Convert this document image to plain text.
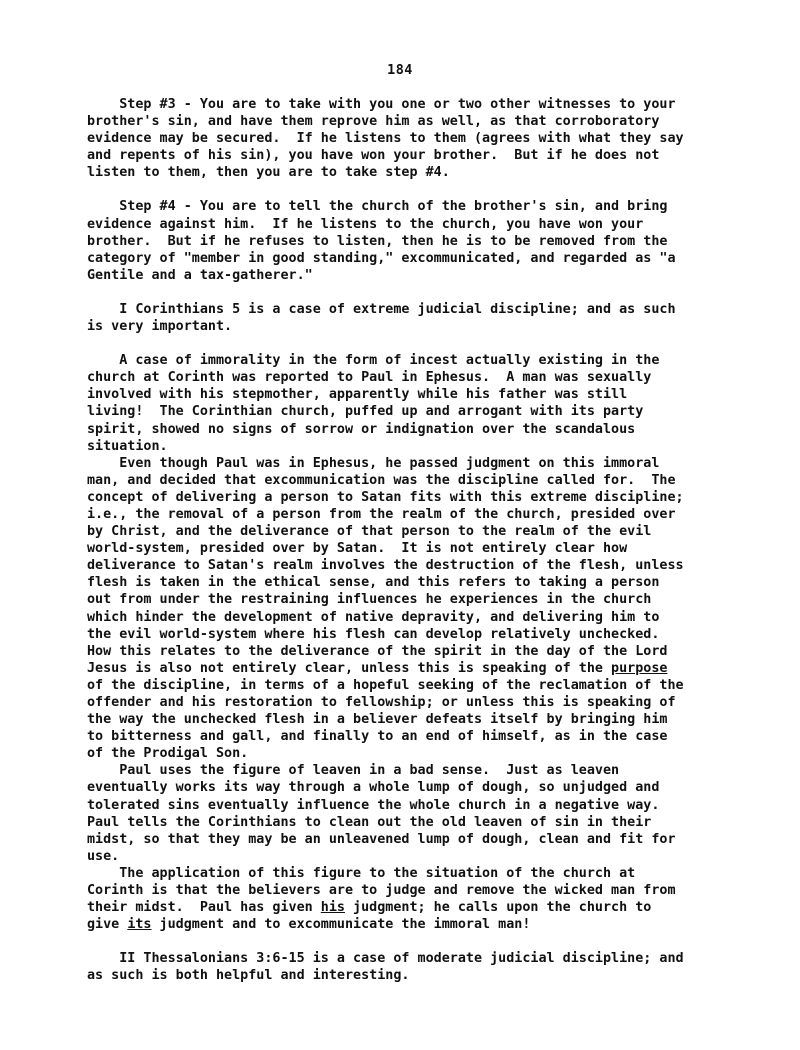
184

Step #3 - You are to take with you one or two other witnesses to your
brother's sin, and have them reprove him as well, as that corroboratory
evidence may be secured.  If he listens to them (agrees with what they say
and repents of his sin), you have won your brother.  But if he does not
listen to them, then you are to take step #4.

Step #4 - You are to tell the church of the brother's sin, and bring
evidence against him.  If he listens to the church, you have won your
brother.  But if he refuses to listen, then he is to be removed from the
category of "member in good standing," excommunicated, and regarded as "a
Gentile and a tax-gatherer."

I Corinthians 5 is a case of extreme judicial discipline; and as such
is very important.

A case of immorality in the form of incest actually existing in the
church at Corinth was reported to Paul in Ephesus.  A man was sexually
involved with his stepmother, apparently while his father was still
living!  The Corinthian church, puffed up and arrogant with its party
spirit, showed no signs of sorrow or indignation over the scandalous
situation.

Even though Paul was in Ephesus, he passed judgment on this immoral
man, and decided that excommunication was the discipline called for.  The
concept of delivering a person to Satan fits with this extreme discipline;
i.e., the removal of a person from the realm of the church, presided over
by Christ, and the deliverance of that person to the realm of the evil
world-system, presided over by Satan.  It is not entirely clear how
deliverance to Satan's realm involves the destruction of the flesh, unless
flesh is taken in the ethical sense, and this refers to taking a person
out from under the restraining influences he experiences in the church
which hinder the development of native depravity, and delivering him to
the evil world-system where his flesh can develop relatively unchecked.
How this relates to the deliverance of the spirit in the day of the Lord
Jesus is also not entirely clear, unless this is speaking of the purpose
of the discipline, in terms of a hopeful seeking of the reclamation of the
offender and his restoration to fellowship; or unless this is speaking of
the way the unchecked flesh in a believer defeats itself by bringing him
to bitterness and gall, and finally to an end of himself, as in the case
of the Prodigal Son.

Paul uses the figure of leaven in a bad sense.  Just as leaven
eventually works its way through a whole lump of dough, so unjudged and
tolerated sins eventually influence the whole church in a negative way.
Paul tells the Corinthians to clean out the old leaven of sin in their
midst, so that they may be an unleavened lump of dough, clean and fit for
use.

The application of this figure to the situation of the church at
Corinth is that the believers are to judge and remove the wicked man from
their midst.  Paul has given his judgment; he calls upon the church to
give its judgment and to excommunicate the immoral man!

II Thessalonians 3:6-15 is a case of moderate judicial discipline; and
as such is both helpful and interesting.
